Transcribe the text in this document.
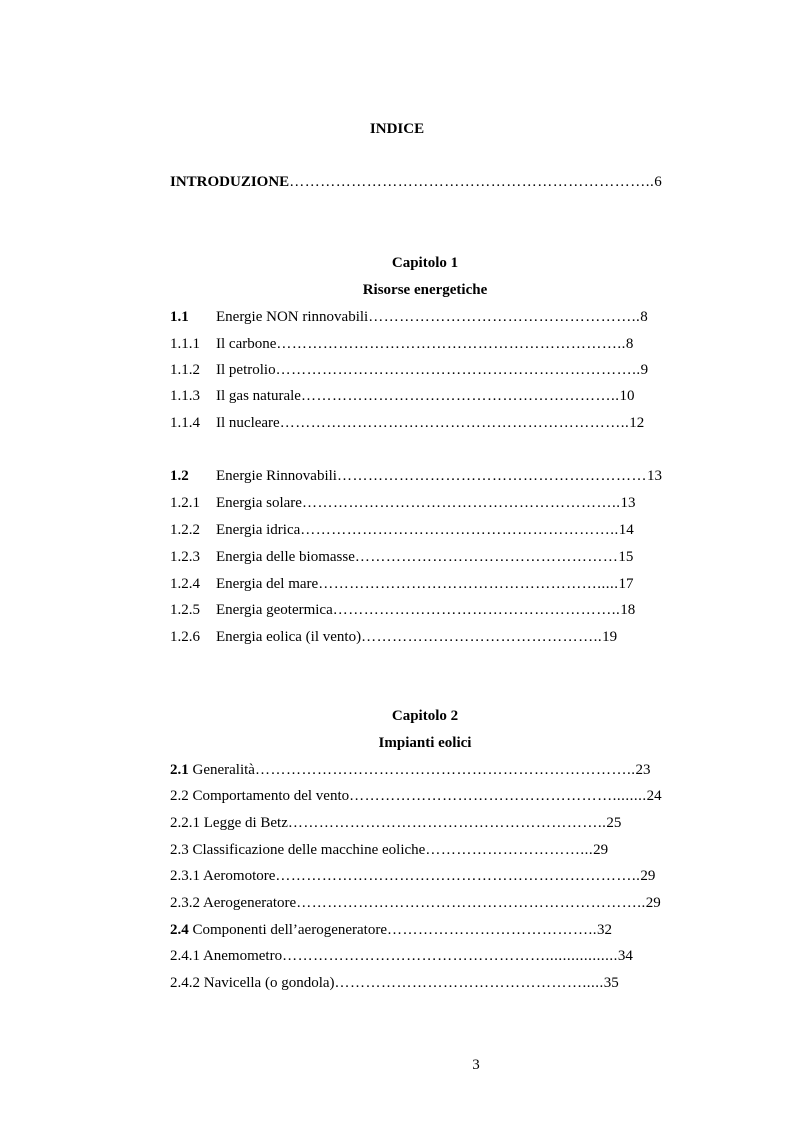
INDICE
INTRODUZIONE……………………………………………………………..6
Capitolo 1
Risorse energetiche
1.1 Energie NON rinnovabili……………………………………………..8
1.1.1 Il carbone…………………………………………………………..8
1.1.2 Il petrolio……………………………………………………………..9
1.1.3 Il gas naturale……………………………………………………..10
1.1.4 Il nucleare…………………………………………………………..12
1.2 Energie Rinnovabili……………………………………………………13
1.2.1 Energia solare……………………………………………………..13
1.2.2 Energia idrica……………………………………………………..14
1.2.3 Energia delle biomasse……………………………………………15
1.2.4 Energia del mare……………………………………………….....17
1.2.5 Energia geotermica………………………………………………..18
1.2.6 Energia eolica (il vento)………………………………………..19
Capitolo 2
Impianti eolici
2.1 Generalità………………………………………………………………..23
2.2 Comportamento del vento……………………………………………........24
2.2.1 Legge di Betz……………………………………………………..25
2.3 Classificazione delle macchine eoliche…………………………...29
2.3.1 Aeromotore……………………………………………………………..29
2.3.2 Aerogeneratore…………………………………………………………..29
2.4 Componenti dell’aerogeneratore…………………………………..32
2.4.1 Anemometro…………………………………………….................34
2.4.2 Navicella (o gondola)………………………………………….....35
3
